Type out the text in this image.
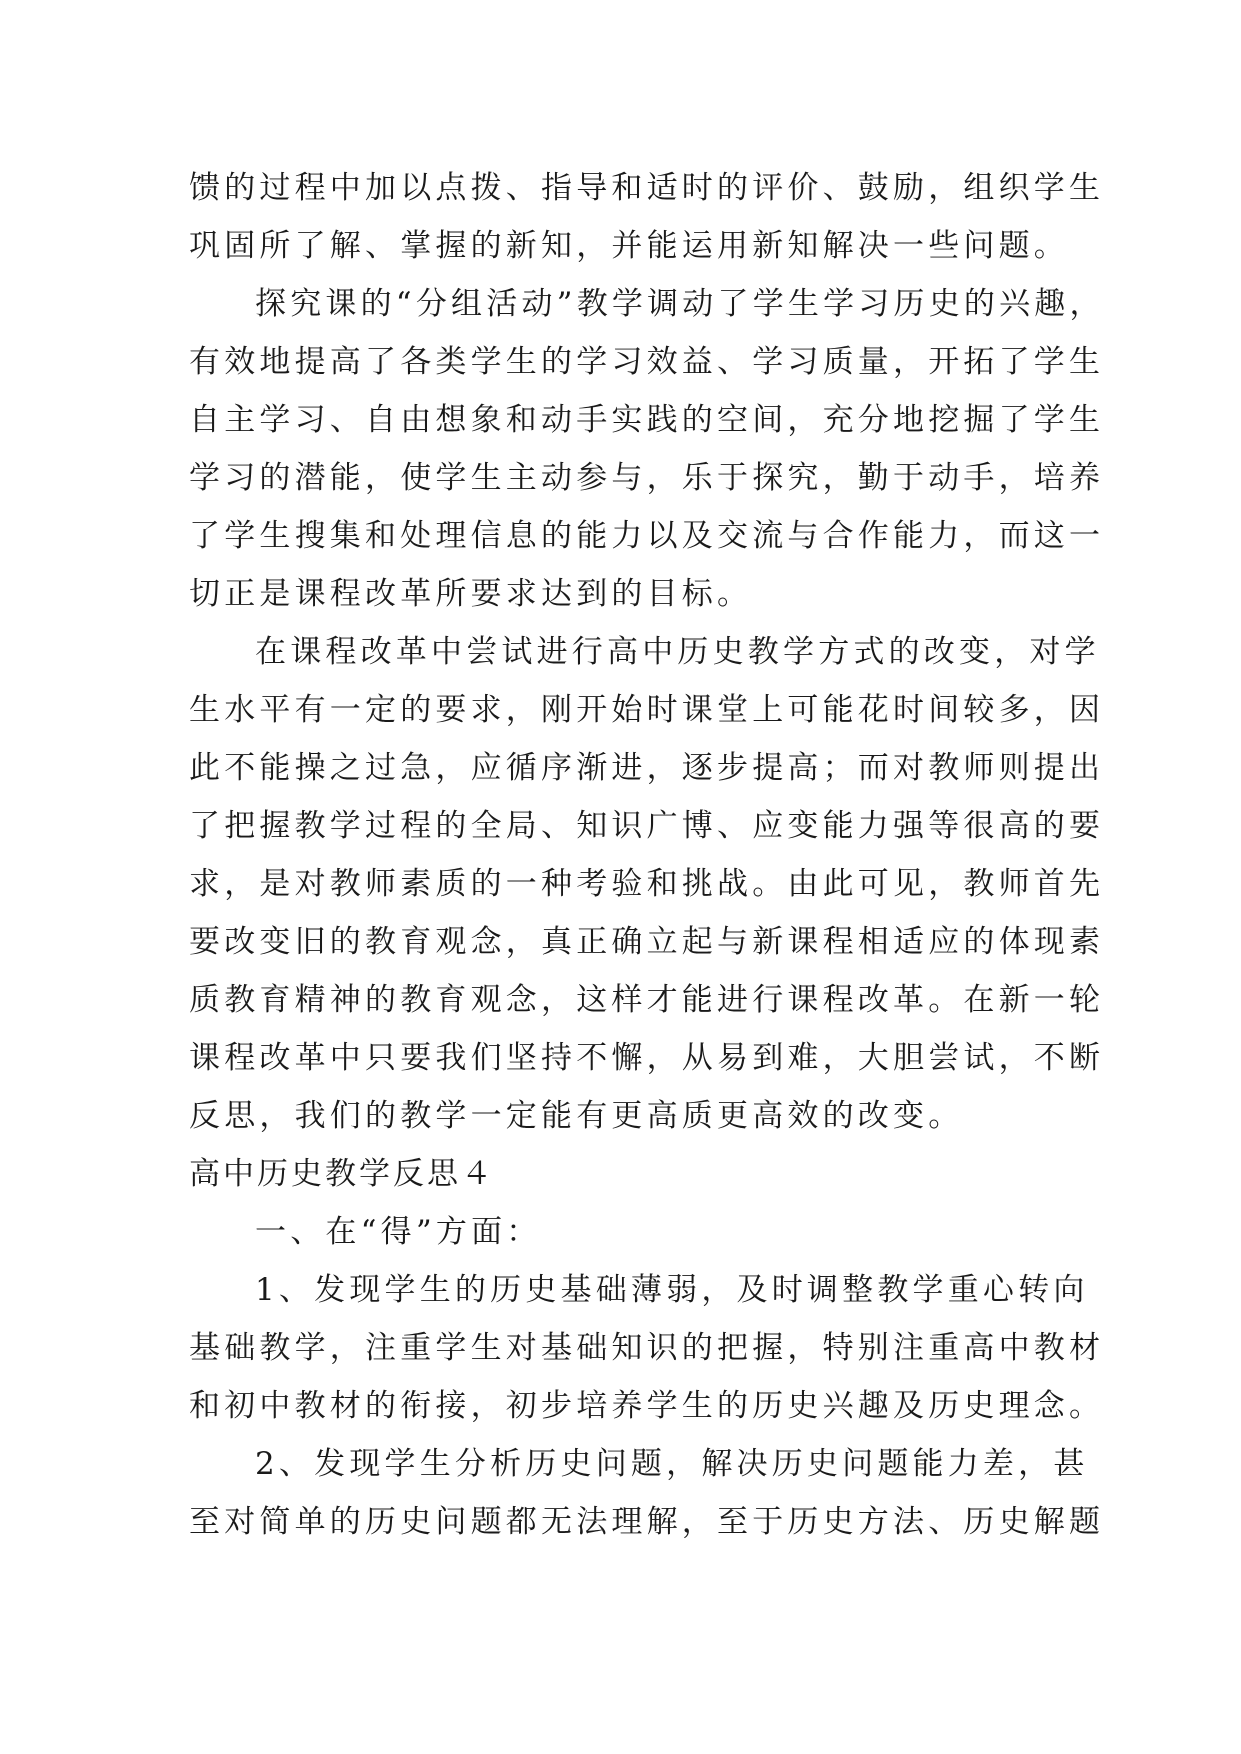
馈的过程中加以点拨、指导和适时的评价、鼓励，组织学生
巩固所了解、掌握的新知，并能运用新知解决一些问题。
探究课的“分组活动”教学调动了学生学习历史的兴趣，
有效地提高了各类学生的学习效益、学习质量，开拓了学生
自主学习、自由想象和动手实践的空间，充分地挖掘了学生
学习的潜能，使学生主动参与，乐于探究，勤于动手，培养
了学生搜集和处理信息的能力以及交流与合作能力，而这一
切正是课程改革所要求达到的目标。
在课程改革中尝试进行高中历史教学方式的改变，对学
生水平有一定的要求，刚开始时课堂上可能花时间较多，因
此不能操之过急，应循序渐进，逐步提高；而对教师则提出
了把握教学过程的全局、知识广博、应变能力强等很高的要
求，是对教师素质的一种考验和挑战。由此可见，教师首先
要改变旧的教育观念，真正确立起与新课程相适应的体现素
质教育精神的教育观念，这样才能进行课程改革。在新一轮
课程改革中只要我们坚持不懈，从易到难，大胆尝试，不断
反思，我们的教学一定能有更高质更高效的改变。
高中历史教学反思４
一、在“得”方面：
1、发现学生的历史基础薄弱，及时调整教学重心转向
基础教学，注重学生对基础知识的把握，特别注重高中教材
和初中教材的衔接，初步培养学生的历史兴趣及历史理念。
2、发现学生分析历史问题，解决历史问题能力差，甚
至对简单的历史问题都无法理解，至于历史方法、历史解题
